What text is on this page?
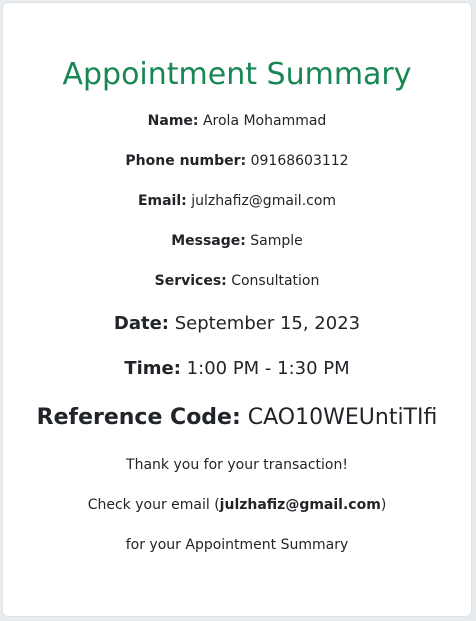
Appointment Summary

Name: Arola Mohammad

Phone number: 09168603112

Email: julzhafiz@gmail.com

Message: Sample

Services: Consultation

Date: September 15, 2023

Time: 1:00 PM - 1:30 PM

Reference Code: CAO10WEUntiTIfi

Thank you for your transaction!

Check your email (julzhafiz@gmail.com)

for your Appointment Summary
